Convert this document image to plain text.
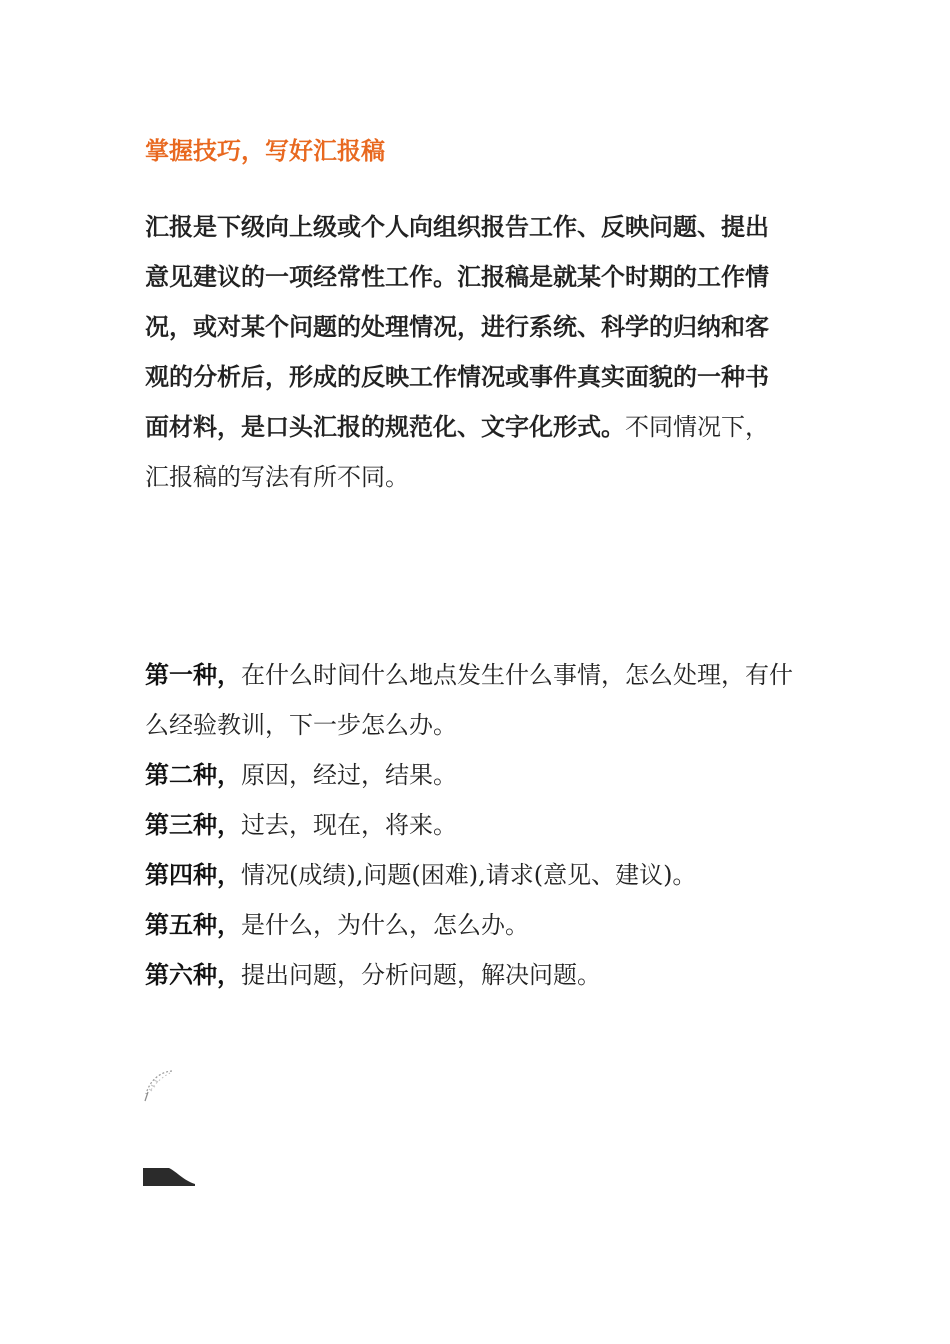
掌握技巧，写好汇报稿

汇报是下级向上级或个人向组织报告工作、反映问题、提出意见建议的一项经常性工作。汇报稿是就某个时期的工作情况，或对某个问题的处理情况，进行系统、科学的归纳和客观的分析后，形成的反映工作情况或事件真实面貌的一种书面材料，是口头汇报的规范化、文字化形式。不同情况下，汇报稿的写法有所不同。

第一种，在什么时间什么地点发生什么事情，怎么处理，有什么经验教训，下一步怎么办。
第二种，原因，经过，结果。
第三种，过去，现在，将来。
第四种，情况(成绩),问题(困难),请求(意见、建议)。
第五种，是什么，为什么，怎么办。
第六种，提出问题，分析问题，解决问题。
